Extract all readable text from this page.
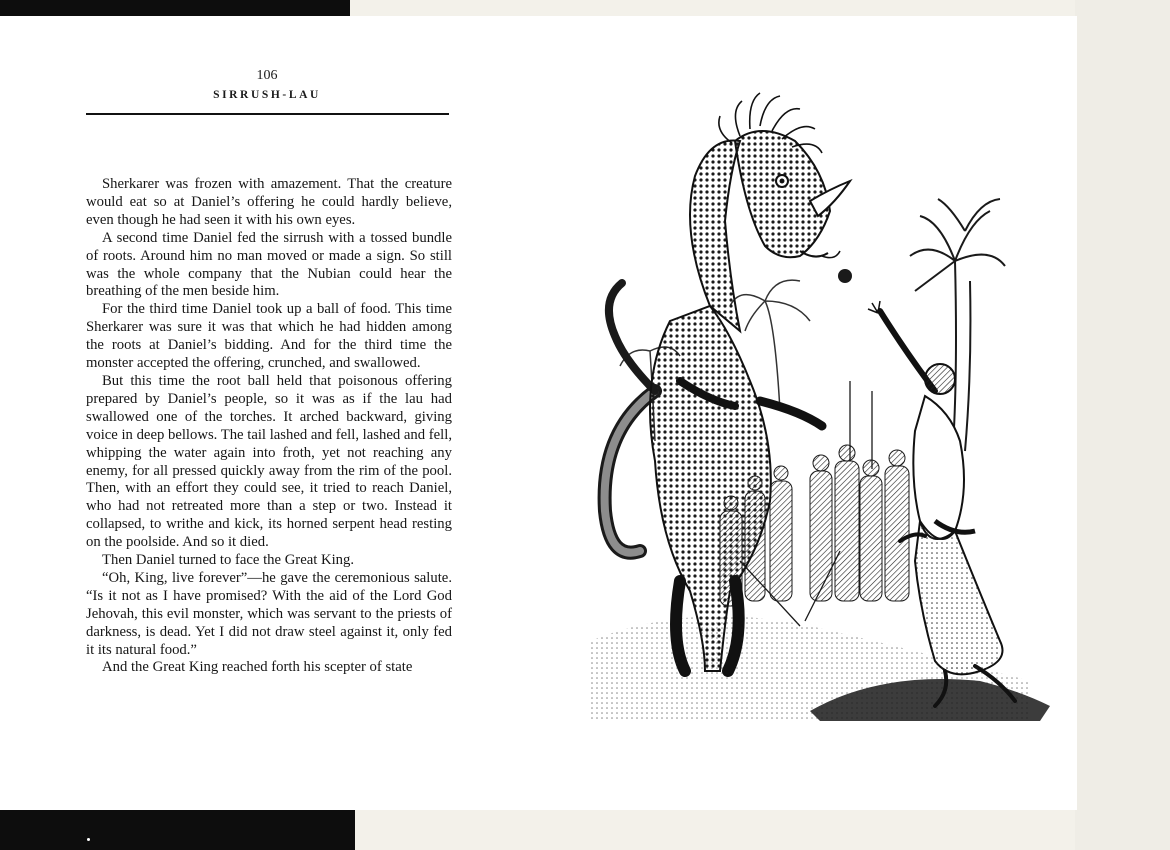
106
SIRRUSH-LAU

Sherkarer was frozen with amazement. That the creature would eat so at Daniel’s offering he could hardly believe, even though he had seen it with his own eyes.

A second time Daniel fed the sirrush with a tossed bundle of roots. Around him no man moved or made a sign. So still was the whole company that the Nubian could hear the breathing of the men beside him.

For the third time Daniel took up a ball of food. This time Sherkarer was sure it was that which he had hidden among the roots at Daniel’s bidding. And for the third time the monster accepted the offering, crunched, and swallowed.

But this time the root ball held that poisonous offering prepared by Daniel’s people, so it was as if the lau had swallowed one of the torches. It arched backward, giving voice in deep bellows. The tail lashed and fell, lashed and fell, whipping the water again into froth, yet not reaching any enemy, for all pressed quickly away from the rim of the pool. Then, with an effort they could see, it tried to reach Daniel, who had not retreated more than a step or two. Instead it collapsed, to writhe and kick, its horned serpent head resting on the poolside. And so it died.

Then Daniel turned to face the Great King.

“Oh, King, live forever”—he gave the ceremonious salute. “Is it not as I have promised? With the aid of the Lord God Jehovah, this evil monster, which was servant to the priests of darkness, is dead. Yet I did not draw steel against it, only fed it its natural food.”

And the Great King reached forth his scepter of state
